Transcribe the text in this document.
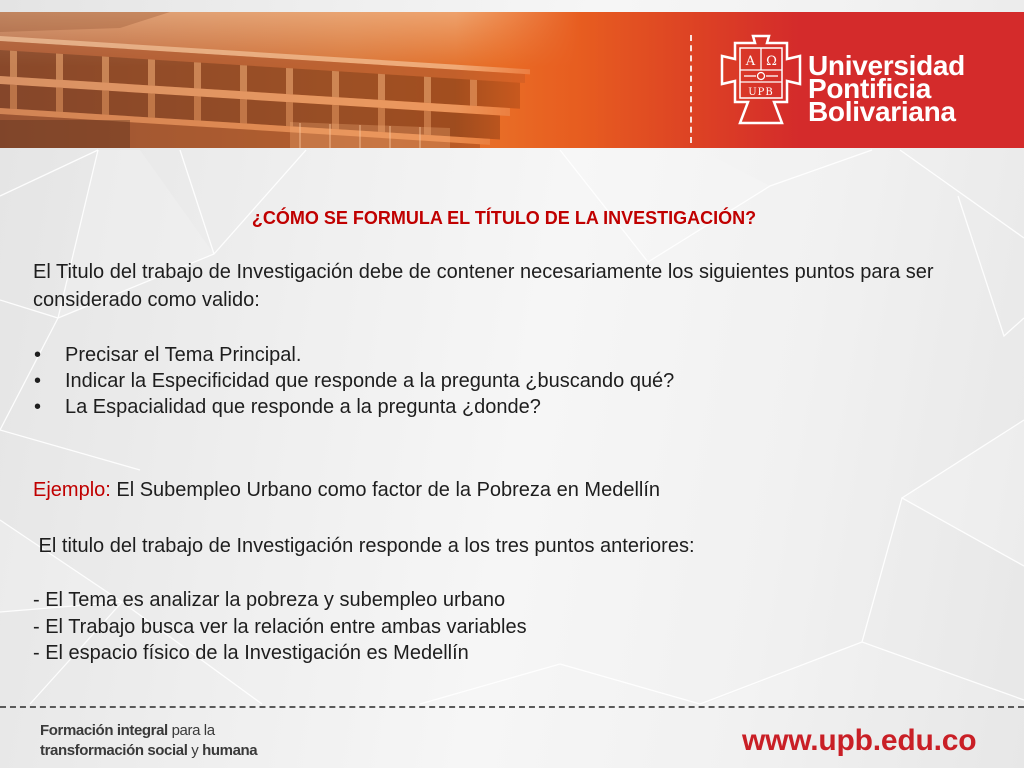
A Ω
UPB
Universidad
Pontificia
Bolivariana
¿CÓMO SE FORMULA EL TÍTULO DE LA INVESTIGACIÓN?

El Titulo del trabajo de Investigación debe de contener necesariamente los siguientes puntos para ser considerado como valido:

• Precisar el Tema Principal.
• Indicar la Especificidad que responde a la pregunta ¿buscando qué?
• La Espacialidad que responde a la pregunta ¿donde?
Ejemplo: El Subempleo Urbano como factor de la Pobreza en Medellín
El titulo del trabajo de Investigación responde a los tres puntos anteriores:
- El Tema es analizar la pobreza y subempleo urbano
- El Trabajo busca ver la relación entre ambas variables
- El espacio físico de la Investigación es Medellín
Formación integral para la
transformación social y humana	www.upb.edu.co
